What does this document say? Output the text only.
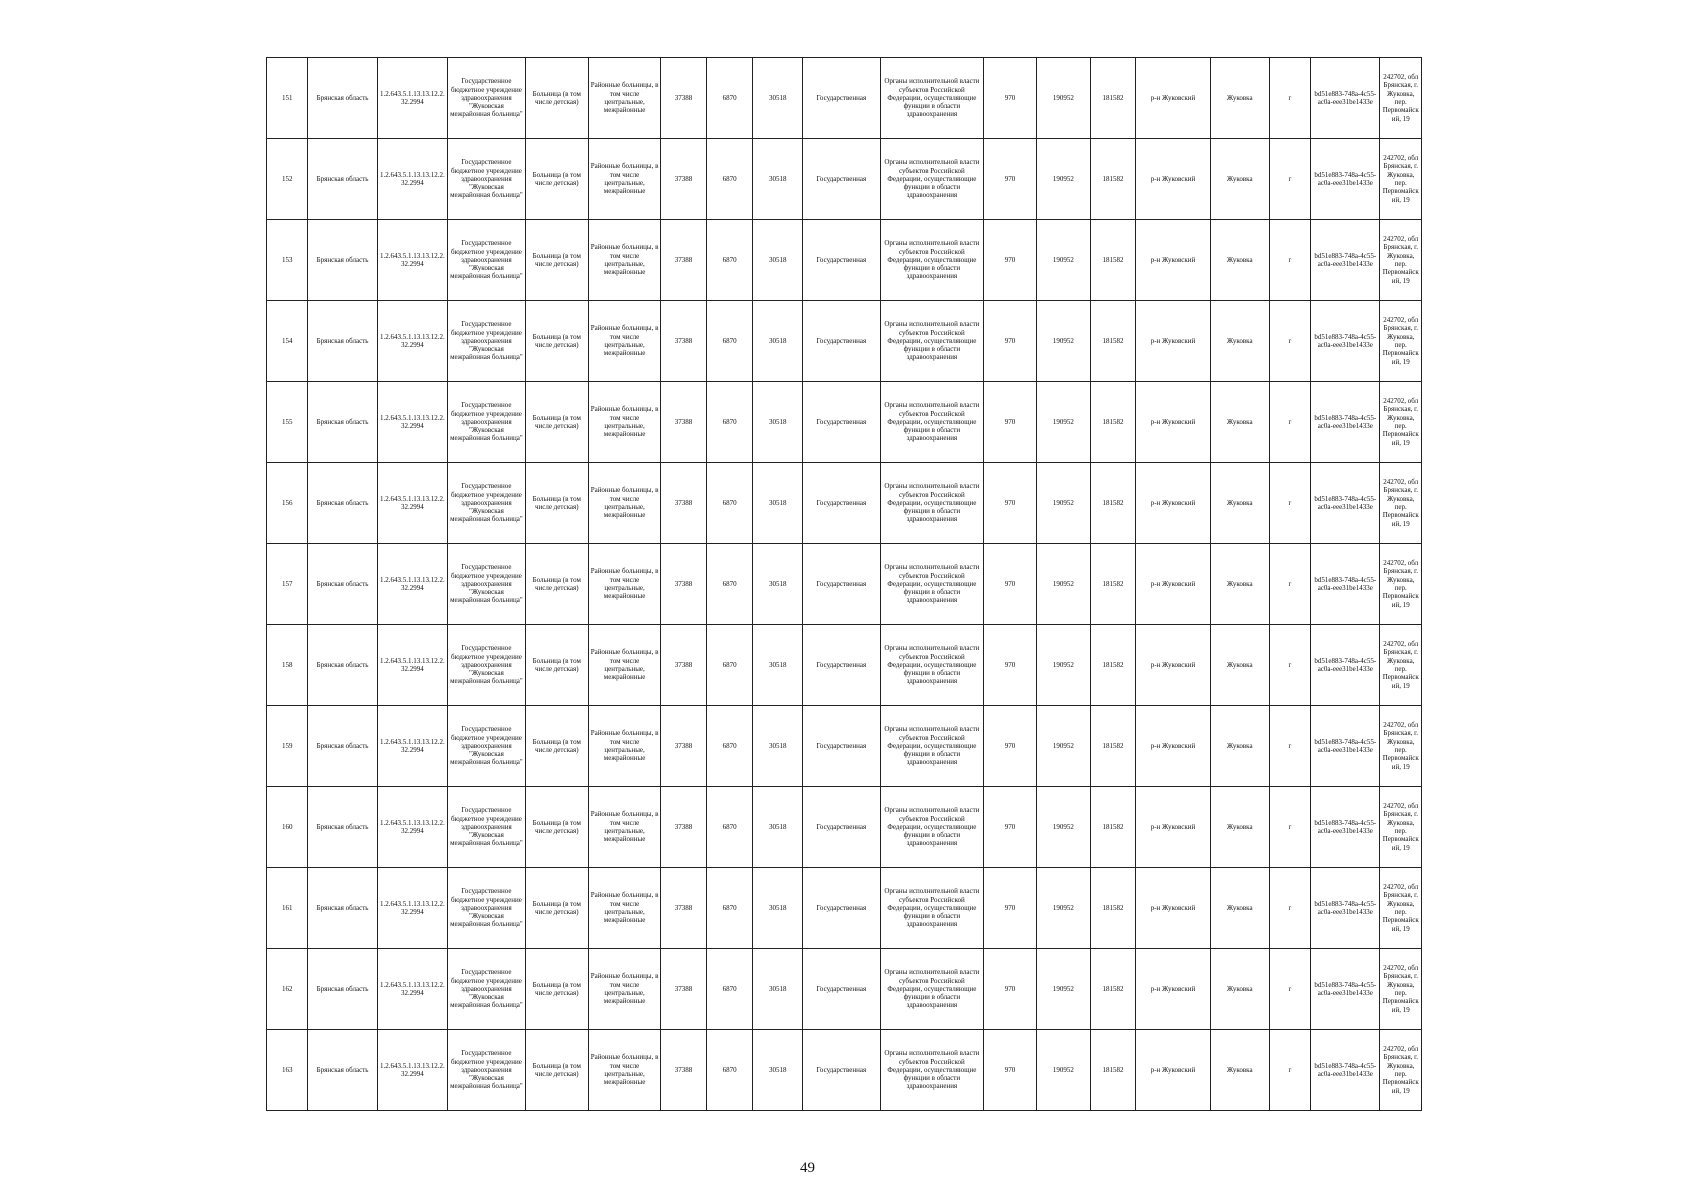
151	Брянская область	1.2.643.5.1.13.13.12.2.32.2994	Государственное бюджетное учреждение здравоохранения "Жуковская межрайонная больница"	Больница (в том числе детская)	Районные больницы, в том числе центральные, межрайонные	37388	6870	30518	Государственная	Органы исполнительной власти субъектов Российской Федерации, осуществляющие функции в области здравоохранения	970	190952	181582	р-н Жуковский	Жуковка	г	bd51e883-748a-4c55-ac0a-eee31be1433e	242702, обл Брянская, г. Жуковка, пер. Первомайский, 19
152	Брянская область	1.2.643.5.1.13.13.12.2.32.2994	Государственное бюджетное учреждение здравоохранения "Жуковская межрайонная больница"	Больница (в том числе детская)	Районные больницы, в том числе центральные, межрайонные	37388	6870	30518	Государственная	Органы исполнительной власти субъектов Российской Федерации, осуществляющие функции в области здравоохранения	970	190952	181582	р-н Жуковский	Жуковка	г	bd51e883-748a-4c55-ac0a-eee31be1433e	242702, обл Брянская, г. Жуковка, пер. Первомайский, 19
153	Брянская область	1.2.643.5.1.13.13.12.2.32.2994	Государственное бюджетное учреждение здравоохранения "Жуковская межрайонная больница"	Больница (в том числе детская)	Районные больницы, в том числе центральные, межрайонные	37388	6870	30518	Государственная	Органы исполнительной власти субъектов Российской Федерации, осуществляющие функции в области здравоохранения	970	190952	181582	р-н Жуковский	Жуковка	г	bd51e883-748a-4c55-ac0a-eee31be1433e	242702, обл Брянская, г. Жуковка, пер. Первомайский, 19
154	Брянская область	1.2.643.5.1.13.13.12.2.32.2994	Государственное бюджетное учреждение здравоохранения "Жуковская межрайонная больница"	Больница (в том числе детская)	Районные больницы, в том числе центральные, межрайонные	37388	6870	30518	Государственная	Органы исполнительной власти субъектов Российской Федерации, осуществляющие функции в области здравоохранения	970	190952	181582	р-н Жуковский	Жуковка	г	bd51e883-748a-4c55-ac0a-eee31be1433e	242702, обл Брянская, г. Жуковка, пер. Первомайский, 19
155	Брянская область	1.2.643.5.1.13.13.12.2.32.2994	Государственное бюджетное учреждение здравоохранения "Жуковская межрайонная больница"	Больница (в том числе детская)	Районные больницы, в том числе центральные, межрайонные	37388	6870	30518	Государственная	Органы исполнительной власти субъектов Российской Федерации, осуществляющие функции в области здравоохранения	970	190952	181582	р-н Жуковский	Жуковка	г	bd51e883-748a-4c55-ac0a-eee31be1433e	242702, обл Брянская, г. Жуковка, пер. Первомайский, 19
156	Брянская область	1.2.643.5.1.13.13.12.2.32.2994	Государственное бюджетное учреждение здравоохранения "Жуковская межрайонная больница"	Больница (в том числе детская)	Районные больницы, в том числе центральные, межрайонные	37388	6870	30518	Государственная	Органы исполнительной власти субъектов Российской Федерации, осуществляющие функции в области здравоохранения	970	190952	181582	р-н Жуковский	Жуковка	г	bd51e883-748a-4c55-ac0a-eee31be1433e	242702, обл Брянская, г. Жуковка, пер. Первомайский, 19
157	Брянская область	1.2.643.5.1.13.13.12.2.32.2994	Государственное бюджетное учреждение здравоохранения "Жуковская межрайонная больница"	Больница (в том числе детская)	Районные больницы, в том числе центральные, межрайонные	37388	6870	30518	Государственная	Органы исполнительной власти субъектов Российской Федерации, осуществляющие функции в области здравоохранения	970	190952	181582	р-н Жуковский	Жуковка	г	bd51e883-748a-4c55-ac0a-eee31be1433e	242702, обл Брянская, г. Жуковка, пер. Первомайский, 19
158	Брянская область	1.2.643.5.1.13.13.12.2.32.2994	Государственное бюджетное учреждение здравоохранения "Жуковская межрайонная больница"	Больница (в том числе детская)	Районные больницы, в том числе центральные, межрайонные	37388	6870	30518	Государственная	Органы исполнительной власти субъектов Российской Федерации, осуществляющие функции в области здравоохранения	970	190952	181582	р-н Жуковский	Жуковка	г	bd51e883-748a-4c55-ac0a-eee31be1433e	242702, обл Брянская, г. Жуковка, пер. Первомайский, 19
159	Брянская область	1.2.643.5.1.13.13.12.2.32.2994	Государственное бюджетное учреждение здравоохранения "Жуковская межрайонная больница"	Больница (в том числе детская)	Районные больницы, в том числе центральные, межрайонные	37388	6870	30518	Государственная	Органы исполнительной власти субъектов Российской Федерации, осуществляющие функции в области здравоохранения	970	190952	181582	р-н Жуковский	Жуковка	г	bd51e883-748a-4c55-ac0a-eee31be1433e	242702, обл Брянская, г. Жуковка, пер. Первомайский, 19
160	Брянская область	1.2.643.5.1.13.13.12.2.32.2994	Государственное бюджетное учреждение здравоохранения "Жуковская межрайонная больница"	Больница (в том числе детская)	Районные больницы, в том числе центральные, межрайонные	37388	6870	30518	Государственная	Органы исполнительной власти субъектов Российской Федерации, осуществляющие функции в области здравоохранения	970	190952	181582	р-н Жуковский	Жуковка	г	bd51e883-748a-4c55-ac0a-eee31be1433e	242702, обл Брянская, г. Жуковка, пер. Первомайский, 19
161	Брянская область	1.2.643.5.1.13.13.12.2.32.2994	Государственное бюджетное учреждение здравоохранения "Жуковская межрайонная больница"	Больница (в том числе детская)	Районные больницы, в том числе центральные, межрайонные	37388	6870	30518	Государственная	Органы исполнительной власти субъектов Российской Федерации, осуществляющие функции в области здравоохранения	970	190952	181582	р-н Жуковский	Жуковка	г	bd51e883-748a-4c55-ac0a-eee31be1433e	242702, обл Брянская, г. Жуковка, пер. Первомайский, 19
162	Брянская область	1.2.643.5.1.13.13.12.2.32.2994	Государственное бюджетное учреждение здравоохранения "Жуковская межрайонная больница"	Больница (в том числе детская)	Районные больницы, в том числе центральные, межрайонные	37388	6870	30518	Государственная	Органы исполнительной власти субъектов Российской Федерации, осуществляющие функции в области здравоохранения	970	190952	181582	р-н Жуковский	Жуковка	г	bd51e883-748a-4c55-ac0a-eee31be1433e	242702, обл Брянская, г. Жуковка, пер. Первомайский, 19
163	Брянская область	1.2.643.5.1.13.13.12.2.32.2994	Государственное бюджетное учреждение здравоохранения "Жуковская межрайонная больница"	Больница (в том числе детская)	Районные больницы, в том числе центральные, межрайонные	37388	6870	30518	Государственная	Органы исполнительной власти субъектов Российской Федерации, осуществляющие функции в области здравоохранения	970	190952	181582	р-н Жуковский	Жуковка	г	bd51e883-748a-4c55-ac0a-eee31be1433e	242702, обл Брянская, г. Жуковка, пер. Первомайский, 19
49
